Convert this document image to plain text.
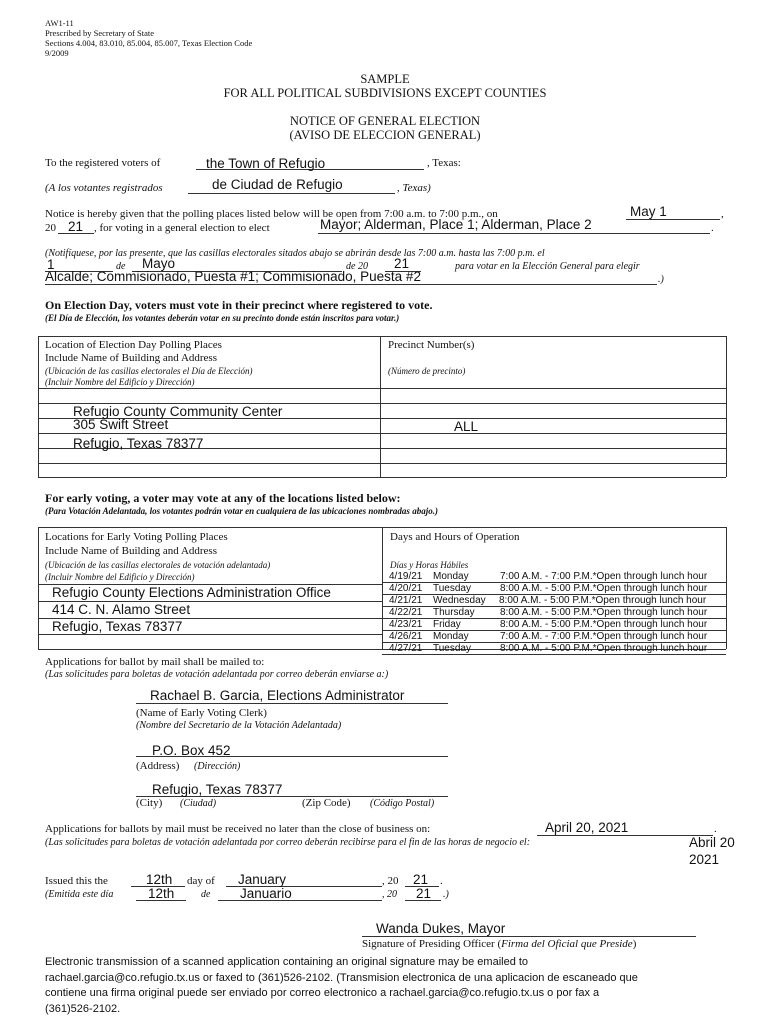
AW1-11
Prescribed by Secretary of State
Sections 4.004, 83.010, 85.004, 85.007, Texas Election Code
9/2009
SAMPLE
FOR ALL POLITICAL SUBDIVISIONS EXCEPT COUNTIES
NOTICE OF GENERAL ELECTION
(AVISO DE ELECCION GENERAL)
To the registered voters of	the Town of Refugio	, Texas:
(A los votantes registrados	de Ciudad de Refugio	, Texas)
Notice is hereby given that the polling places listed below will be open from 7:00 a.m. to 7:00 p.m., on	May 1	,
20 21 , for voting in a general election to elect	Mayor; Alderman, Place 1; Alderman, Place 2	.
(Notifíquese, por las presente, que las casillas electorales sitados abajo se abrirán desde las 7:00 a.m. hasta las 7:00 p.m. el
1	de Mayo	de 20 21	para votar en la Elección General para elegir
Alcalde; Commisionado, Puesta #1; Commisionado, Puesta #2	.)
On Election Day, voters must vote in their precinct where registered to vote.
(El Día de Elección, los votantes deberán votar en su precinto donde están inscritos para votar.)
Location of Election Day Polling Places
Include Name of Building and Address
(Ubicación de las casillas electorales el Día de Elección)
(Incluir Nombre del Edificio y Dirección)
Precinct Number(s)
(Número de precinto)
Refugio County Community Center
305 Swift Street
Refugio, Texas 78377
ALL
For early voting, a voter may vote at any of the locations listed below:
(Para Votación Adelantada, los votantes podrán votar en cualquiera de las ubicaciones nombradas abajo.)
Locations for Early Voting Polling Places
Include Name of Building and Address
(Ubicación de las casillas electorales de votación adelantada)
(Incluir Nombre del Edificio y Dirección)
Days and Hours of Operation
Días y Horas Hábiles
Refugio County Elections Administration Office
414 C. N. Alamo Street
Refugio, Texas 78377
4/19/21 Monday	7:00 A.M. - 7:00 P.M.*Open through lunch hour
4/20/21 Tuesday	8:00 A.M. - 5:00 P.M.*Open through lunch hour
4/21/21 Wednesday 8:00 A.M. - 5:00 P.M.*Open through lunch hour
4/22/21 Thursday	8:00 A.M. - 5:00 P.M.*Open through lunch hour
4/23/21 Friday	8:00 A.M. - 5:00 P.M.*Open through lunch hour
4/26/21 Monday	7:00 A.M. - 7:00 P.M.*Open through lunch hour
4/27/21 Tuesday	8:00 A.M. - 5:00 P.M.*Open through lunch hour
Applications for ballot by mail shall be mailed to:
(Las solicitudes para boletas de votación adelantada por correo deberán enviarse a:)
Rachael B. Garcia, Elections Administrator
(Name of Early Voting Clerk)
(Nombre del Secretario de la Votación Adelantada)
P.O. Box 452
(Address) (Dirección)
Refugio, Texas 78377
(City) (Ciudad)	(Zip Code) (Código Postal)
Applications for ballots by mail must be received no later than the close of business on:	April 20, 2021	.
(Las solicitudes para boletas de votación adelantada por correo deberán recibirse para el fin de las horas de negocio el:	Abril 20
2021
Issued this the	12th day of January	, 20 21 .
(Emitida este día	12th	de Januario	, 20 21 .)
Wanda Dukes, Mayor
Signature of Presiding Officer (Firma del Oficial que Preside)
Electronic transmission of a scanned application containing an original signature may be emailed to
rachael.garcia@co.refugio.tx.us or faxed to (361)526-2102. (Transmision electronica de una aplicacion de escaneado que
contiene una firma original puede ser enviado por correo electronico a rachael.garcia@co.refugio.tx.us o por fax a
(361)526-2102.
